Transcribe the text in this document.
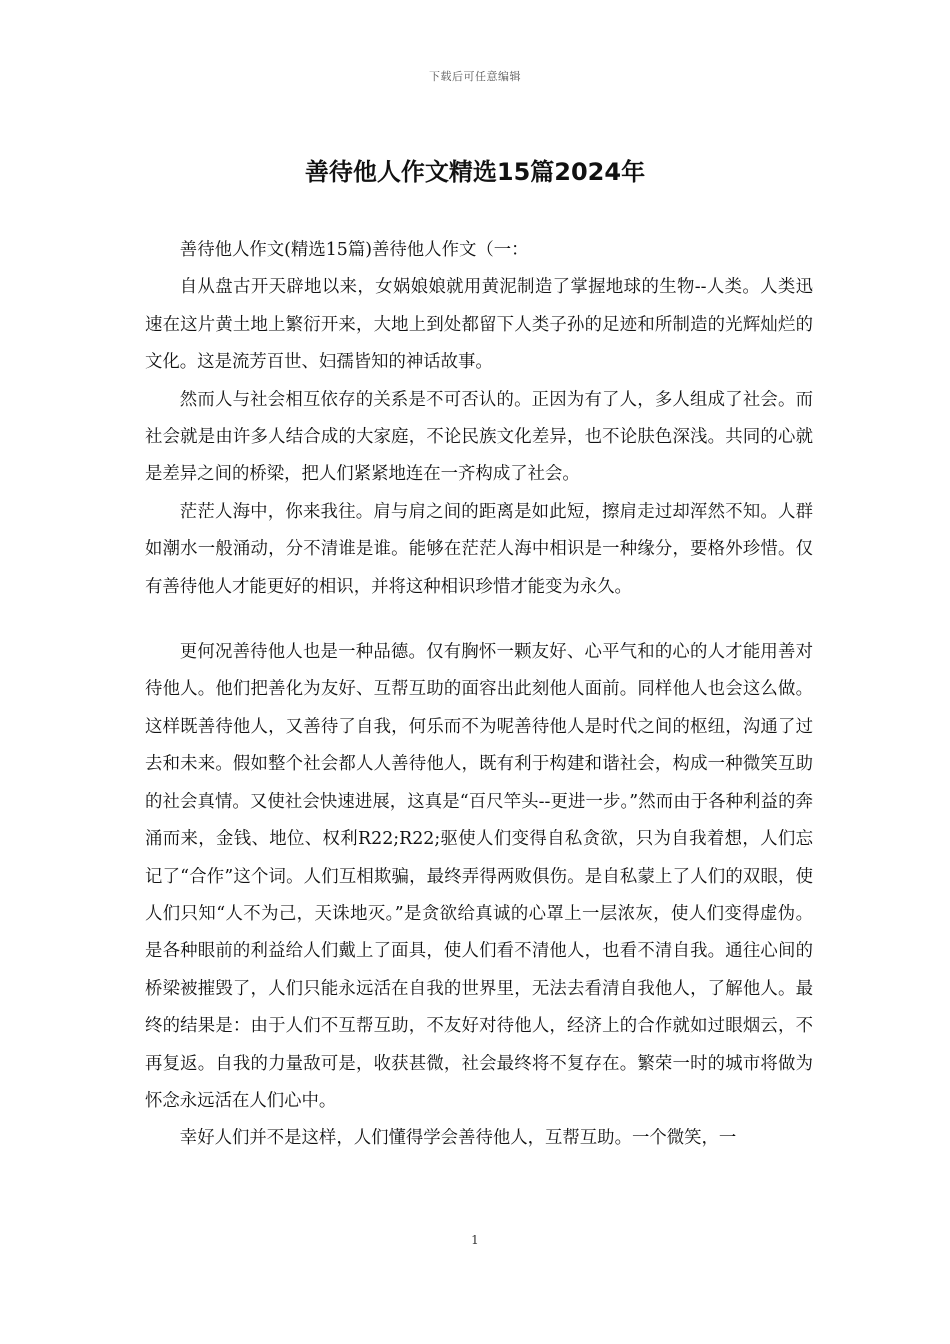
下载后可任意编辑
善待他人作文精选15篇2024年

善待他人作文(精选15篇)善待他人作文（一：

自从盘古开天辟地以来，女娲娘娘就用黄泥制造了掌握地球的生物--人类。人类迅速在这片黄土地上繁衍开来，大地上到处都留下人类子孙的足迹和所制造的光辉灿烂的文化。这是流芳百世、妇孺皆知的神话故事。

然而人与社会相互依存的关系是不可否认的。正因为有了人，多人组成了社会。而社会就是由许多人结合成的大家庭，不论民族文化差异，也不论肤色深浅。共同的心就是差异之间的桥梁，把人们紧紧地连在一齐构成了社会。

茫茫人海中，你来我往。肩与肩之间的距离是如此短，擦肩走过却浑然不知。人群如潮水一般涌动，分不清谁是谁。能够在茫茫人海中相识是一种缘分，要格外珍惜。仅有善待他人才能更好的相识，并将这种相识珍惜才能变为永久。

更何况善待他人也是一种品德。仅有胸怀一颗友好、心平气和的心的人才能用善对待他人。他们把善化为友好、互帮互助的面容出此刻他人面前。同样他人也会这么做。这样既善待他人，又善待了自我，何乐而不为呢善待他人是时代之间的枢纽，沟通了过去和未来。假如整个社会都人人善待他人，既有利于构建和谐社会，构成一种微笑互助的社会真情。又使社会快速进展，这真是“百尺竿头--更进一步。”然而由于各种利益的奔涌而来，金钱、地位、权利R22;R22;驱使人们变得自私贪欲，只为自我着想，人们忘记了“合作”这个词。人们互相欺骗，最终弄得两败俱伤。是自私蒙上了人们的双眼，使人们只知“人不为己，天诛地灭。”是贪欲给真诚的心罩上一层浓灰，使人们变得虚伪。是各种眼前的利益给人们戴上了面具，使人们看不清他人，也看不清自我。通往心间的桥梁被摧毁了，人们只能永远活在自我的世界里，无法去看清自我他人，了解他人。最终的结果是：由于人们不互帮互助，不友好对待他人，经济上的合作就如过眼烟云，不再复返。自我的力量敌可是，收获甚微，社会最终将不复存在。繁荣一时的城市将做为怀念永远活在人们心中。

幸好人们并不是这样，人们懂得学会善待他人，互帮互助。一个微笑，一

1
